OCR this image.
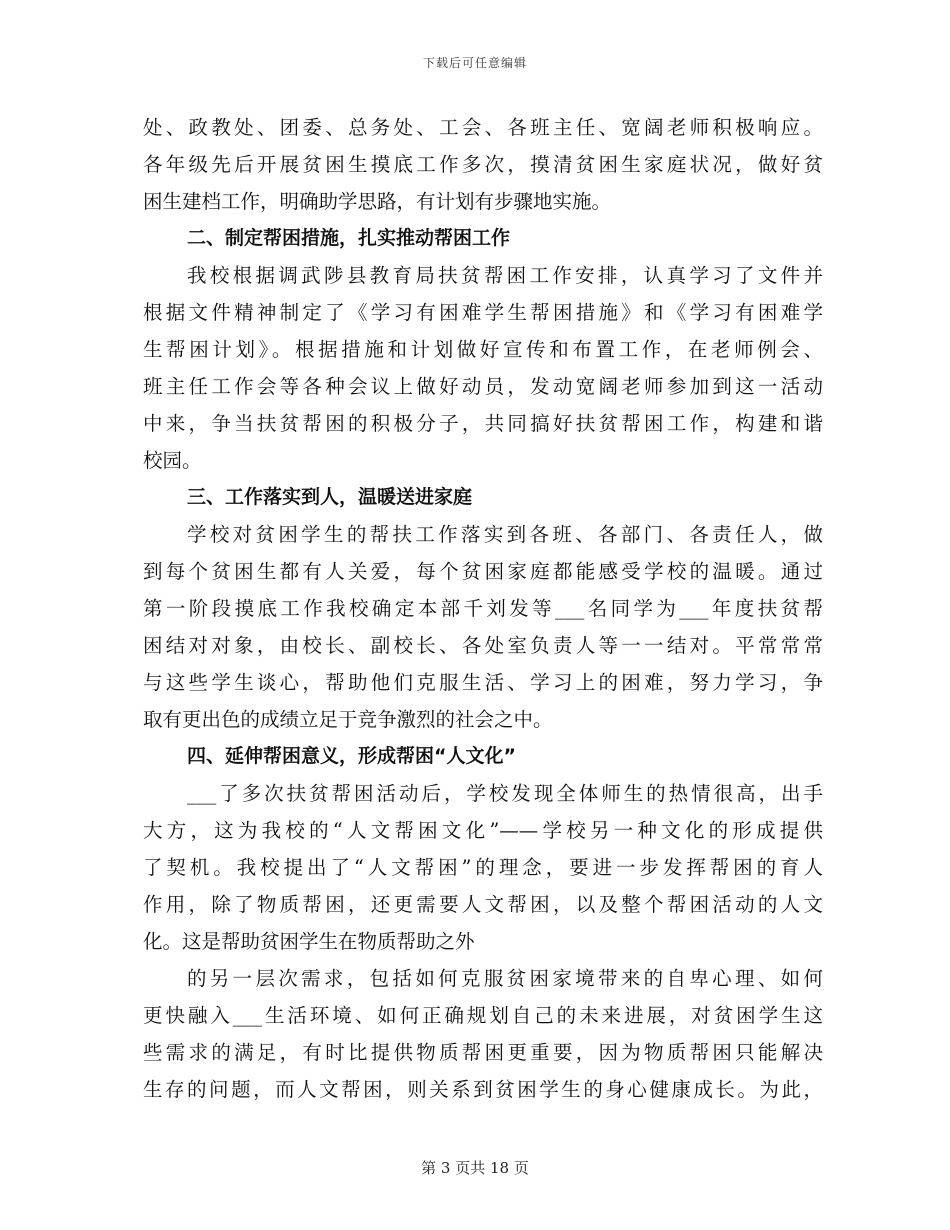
下载后可任意编辑
处、政教处、团委、总务处、工会、各班主任、宽阔老师积极响应。
各年级先后开展贫困生摸底工作多次，摸清贫困生家庭状况，做好贫
困生建档工作，明确助学思路，有计划有步骤地实施。
二、制定帮困措施，扎实推动帮困工作
我校根据调武陟县教育局扶贫帮困工作安排，认真学习了文件并
根据文件精神制定了《学习有困难学生帮困措施》和《学习有困难学
生帮困计划》。根据措施和计划做好宣传和布置工作，在老师例会、
班主任工作会等各种会议上做好动员，发动宽阔老师参加到这一活动
中来，争当扶贫帮困的积极分子，共同搞好扶贫帮困工作，构建和谐
校园。
三、工作落实到人，温暖送进家庭
学校对贫困学生的帮扶工作落实到各班、各部门、各责任人，做
到每个贫困生都有人关爱，每个贫困家庭都能感受学校的温暖。通过
第一阶段摸底工作我校确定本部千刘发等___名同学为___年度扶贫帮
困结对对象，由校长、副校长、各处室负责人等一一结对。平常常常
与这些学生谈心，帮助他们克服生活、学习上的困难，努力学习，争
取有更出色的成绩立足于竞争激烈的社会之中。
四、延伸帮困意义，形成帮困“人文化”
___了多次扶贫帮困活动后，学校发现全体师生的热情很高，出手
大方，这为我校的“人文帮困文化”——学校另一种文化的形成提供
了契机。我校提出了“人文帮困”的理念，要进一步发挥帮困的育人
作用，除了物质帮困，还更需要人文帮困，以及整个帮困活动的人文
化。这是帮助贫困学生在物质帮助之外
的另一层次需求，包括如何克服贫困家境带来的自卑心理、如何
更快融入___生活环境、如何正确规划自己的未来进展，对贫困学生这
些需求的满足，有时比提供物质帮困更重要，因为物质帮困只能解决
生存的问题，而人文帮困，则关系到贫困学生的身心健康成长。为此，
第 3 页共 18 页
